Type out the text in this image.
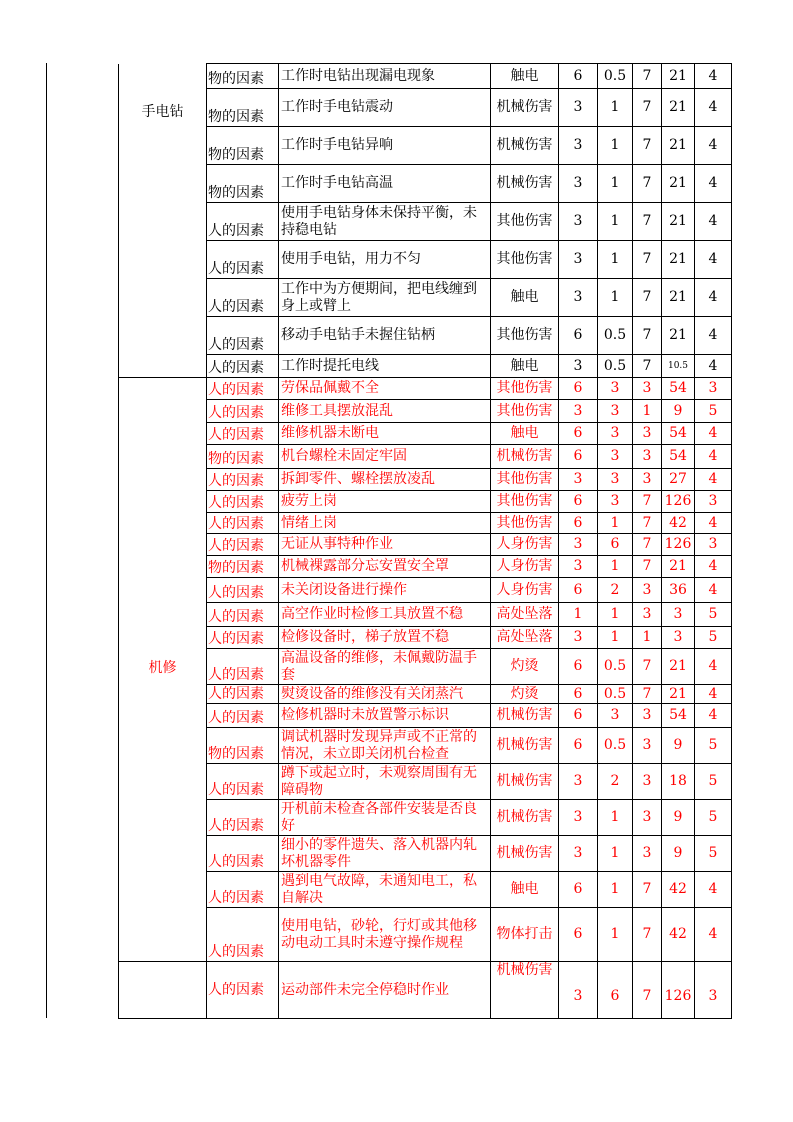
手电钻	物的因素	工作时电钻出现漏电现象	触电	6	0.5	7	21	4
	物的因素	工作时手电钻震动	机械伤害	3	1	7	21	4
	物的因素	工作时手电钻异响	机械伤害	3	1	7	21	4
	物的因素	工作时手电钻高温	机械伤害	3	1	7	21	4
	人的因素	使用手电钻身体未保持平衡，未持稳电钻	其他伤害	3	1	7	21	4
	人的因素	使用手电钻，用力不匀	其他伤害	3	1	7	21	4
	人的因素	工作中为方便期间，把电线缠到身上或臂上	触电	3	1	7	21	4
	人的因素	移动手电钻手未握住钻柄	其他伤害	6	0.5	7	21	4
	人的因素	工作时提托电线	触电	3	0.5	7	10.5	4

机修	人的因素	劳保品佩戴不全	其他伤害	6	3	3	54	3
	人的因素	维修工具摆放混乱	其他伤害	3	3	1	9	5
	人的因素	维修机器未断电	触电	6	3	3	54	4
	物的因素	机台螺栓未固定牢固	机械伤害	6	3	3	54	4
	人的因素	拆卸零件、螺栓摆放凌乱	其他伤害	3	3	3	27	4
	人的因素	疲劳上岗	其他伤害	6	3	7	126	3
	人的因素	情绪上岗	其他伤害	6	1	7	42	4
	人的因素	无证从事特种作业	人身伤害	3	6	7	126	3
	物的因素	机械裸露部分忘安置安全罩	人身伤害	3	1	7	21	4
	人的因素	未关闭设备进行操作	人身伤害	6	2	3	36	4
	人的因素	高空作业时检修工具放置不稳	高处坠落	1	1	3	3	5
	人的因素	检修设备时，梯子放置不稳	高处坠落	3	1	1	3	5
	人的因素	高温设备的维修，未佩戴防温手套	灼烫	6	0.5	7	21	4
	人的因素	熨烫设备的维修没有关闭蒸汽	灼烫	6	0.5	7	21	4
	人的因素	检修机器时未放置警示标识	机械伤害	6	3	3	54	4
	物的因素	调试机器时发现异声或不正常的情况，未立即关闭机台检查	机械伤害	6	0.5	3	9	5
	人的因素	蹲下或起立时，未观察周围有无障碍物	机械伤害	3	2	3	18	5
	人的因素	开机前未检查各部件安装是否良好	机械伤害	3	1	3	9	5
	人的因素	细小的零件遗失、落入机器内轧坏机器零件	机械伤害	3	1	3	9	5
	人的因素	遇到电气故障，未通知电工，私自解决	触电	6	1	7	42	4
	人的因素	使用电钻，砂轮，行灯或其他移动电动工具时未遵守操作规程	物体打击	6	1	7	42	4

	人的因素	运动部件未完全停稳时作业	机械伤害	3	6	7	126	3
